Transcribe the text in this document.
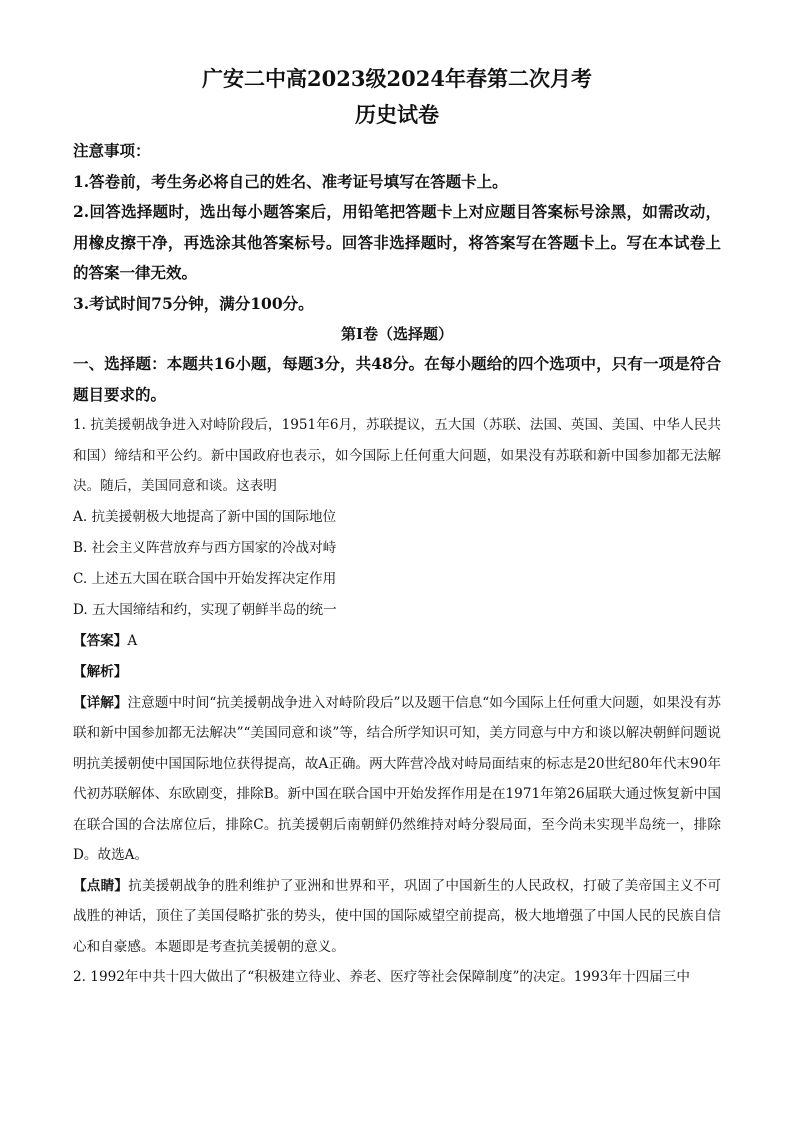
广安二中高2023级2024年春第二次月考
历史试卷

注意事项：

1.答卷前，考生务必将自己的姓名、准考证号填写在答题卡上。

2.回答选择题时，选出每小题答案后，用铅笔把答题卡上对应题目答案标号涂黑，如需改动，用橡皮擦干净，再选涂其他答案标号。回答非选择题时，将答案写在答题卡上。写在本试卷上的答案一律无效。

3.考试时间75分钟，满分100分。

第Ⅰ卷（选择题）

一、选择题：本题共16小题，每题3分，共48分。在每小题给的四个选项中，只有一项是符合题目要求的。

1. 抗美援朝战争进入对峙阶段后，1951年6月，苏联提议，五大国（苏联、法国、英国、美国、中华人民共和国）缔结和平公约。新中国政府也表示，如今国际上任何重大问题，如果没有苏联和新中国参加都无法解决。随后，美国同意和谈。这表明

A. 抗美援朝极大地提高了新中国的国际地位

B. 社会主义阵营放弃与西方国家的冷战对峙

C. 上述五大国在联合国中开始发挥决定作用

D. 五大国缔结和约，实现了朝鲜半岛的统一

【答案】A

【解析】

【详解】注意题中时间“抗美援朝战争进入对峙阶段后”以及题干信息“如今国际上任何重大问题，如果没有苏联和新中国参加都无法解决”“美国同意和谈”等，结合所学知识可知，美方同意与中方和谈以解决朝鲜问题说明抗美援朝使中国国际地位获得提高，故A正确。两大阵营冷战对峙局面结束的标志是20世纪80年代末90年代初苏联解体、东欧剧变，排除B。新中国在联合国中开始发挥作用是在1971年第26届联大通过恢复新中国在联合国的合法席位后，排除C。抗美援朝后南朝鲜仍然维持对峙分裂局面，至今尚未实现半岛统一，排除D。故选A。

【点睛】抗美援朝战争的胜利维护了亚洲和世界和平，巩固了中国新生的人民政权，打破了美帝国主义不可战胜的神话，顶住了美国侵略扩张的势头，使中国的国际威望空前提高，极大地增强了中国人民的民族自信心和自豪感。本题即是考查抗美援朝的意义。

2. 1992年中共十四大做出了“积极建立待业、养老、医疗等社会保障制度”的决定。1993年十四届三中
